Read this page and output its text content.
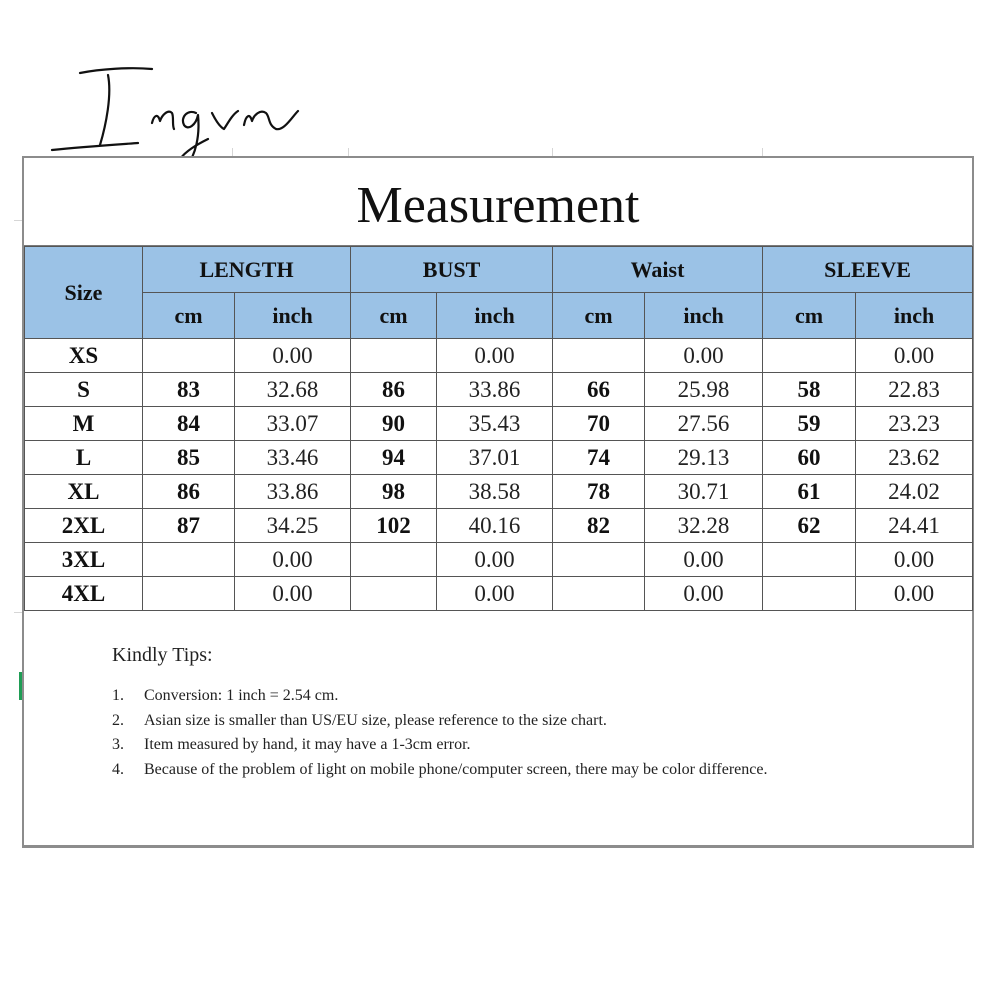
Measurement
Size	LENGTH		BUST		Waist		SLEEVE	
	cm	inch	cm	inch	cm	inch	cm	inch
XS		0.00		0.00		0.00		0.00
S	83	32.68	86	33.86	66	25.98	58	22.83
M	84	33.07	90	35.43	70	27.56	59	23.23
L	85	33.46	94	37.01	74	29.13	60	23.62
XL	86	33.86	98	38.58	78	30.71	61	24.02
2XL	87	34.25	102	40.16	82	32.28	62	24.41
3XL		0.00		0.00		0.00		0.00
4XL		0.00		0.00		0.00		0.00
Kindly Tips:
1.	Conversion: 1 inch = 2.54 cm.
2.	Asian size is smaller than US/EU size, please reference to the size chart.
3.	Item measured by hand, it may have a 1-3cm error.
4.	Because of the problem of light on mobile phone/computer screen, there may be color difference.
